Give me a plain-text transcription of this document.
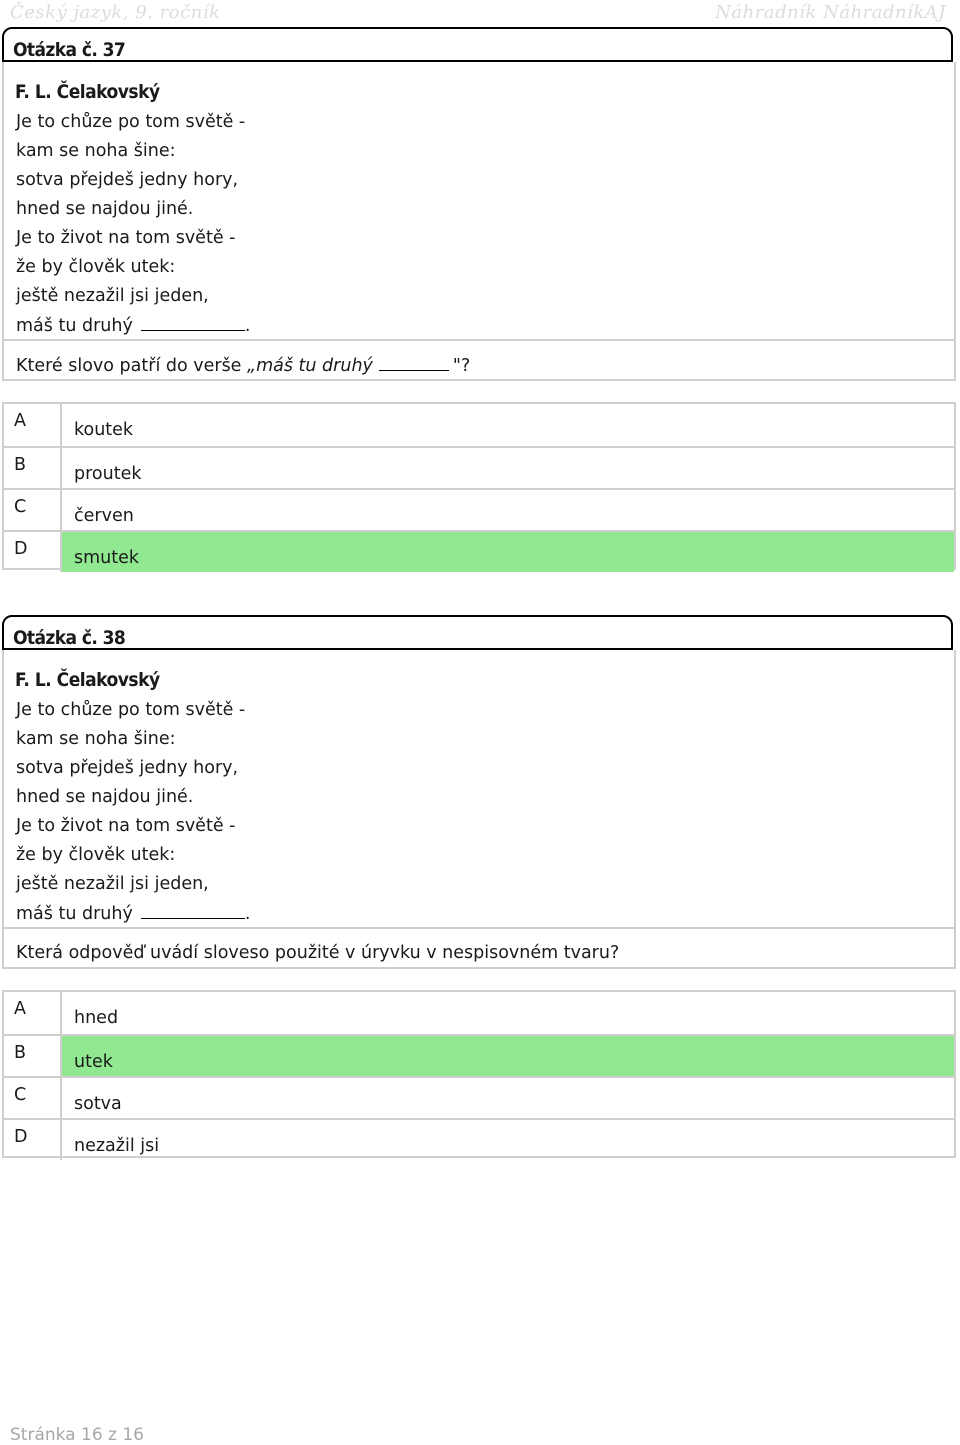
Český jazyk, 9. ročník	Náhradník NáhradníkAJ
Otázka č. 37
F. L. Čelakovský
Je to chůze po tom světě -
kam se noha šine:
sotva přejdeš jedny hory,
hned se najdou jiné.
Je to život na tom světě -
že by člověk utek:
ještě nezažil jsi jeden,
máš tu druhý	.
Které slovo patří do verše „máš tu druhý	"?
A	koutek
B	proutek
C	červen
D	smutek
Otázka č. 38
F. L. Čelakovský
Je to chůze po tom světě -
kam se noha šine:
sotva přejdeš jedny hory,
hned se najdou jiné.
Je to život na tom světě -
že by člověk utek:
ještě nezažil jsi jeden,
máš tu druhý	.
Která odpověď uvádí sloveso použité v úryvku v nespisovném tvaru?
A	hned
B	utek
C	sotva
D	nezažil jsi
Stránka 16 z 16
